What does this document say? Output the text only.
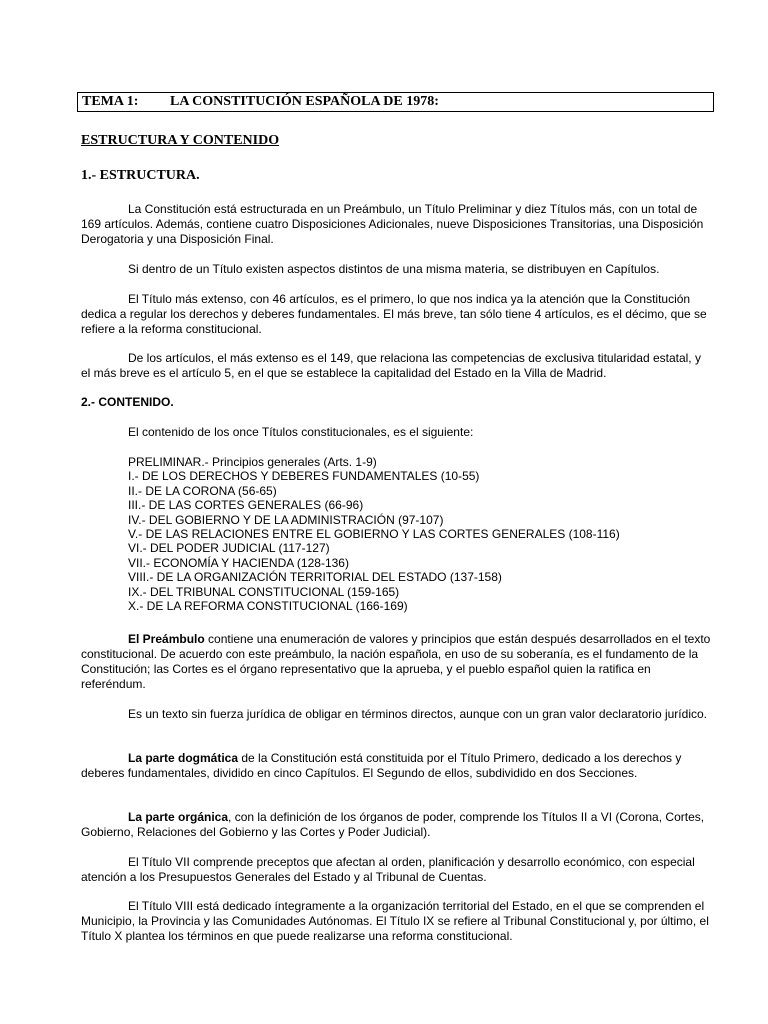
TEMA 1: LA CONSTITUCIÓN ESPAÑOLA DE 1978:
ESTRUCTURA Y CONTENIDO
1.- ESTRUCTURA.

La Constitución está estructurada en un Preámbulo, un Título Preliminar y diez Títulos más, con un total de 169 artículos. Además, contiene cuatro Disposiciones Adicionales, nueve Disposiciones Transitorias, una Disposición Derogatoria y una Disposición Final.

Si dentro de un Título existen aspectos distintos de una misma materia, se distribuyen en Capítulos.

El Título más extenso, con 46 artículos, es el primero, lo que nos indica ya la atención que la Constitución dedica a regular los derechos y deberes fundamentales. El más breve, tan sólo tiene 4 artículos, es el décimo, que se refiere a la reforma constitucional.

De los artículos, el más extenso es el 149, que relaciona las competencias de exclusiva titularidad estatal, y el más breve es el artículo 5, en el que se establece la capitalidad del Estado en la Villa de Madrid.

2.- CONTENIDO.

El contenido de los once Títulos constitucionales, es el siguiente:

PRELIMINAR.- Principios generales (Arts. 1-9)
I.- DE LOS DERECHOS Y DEBERES FUNDAMENTALES (10-55)
II.- DE LA CORONA (56-65)
III.- DE LAS CORTES GENERALES (66-96)
IV.- DEL GOBIERNO Y DE LA ADMINISTRACIÓN (97-107)
V.- DE LAS RELACIONES ENTRE EL GOBIERNO Y LAS CORTES GENERALES (108-116)
VI.- DEL PODER JUDICIAL (117-127)
VII.- ECONOMÍA Y HACIENDA (128-136)
VIII.- DE LA ORGANIZACIÓN TERRITORIAL DEL ESTADO (137-158)
IX.- DEL TRIBUNAL CONSTITUCIONAL (159-165)
X.- DE LA REFORMA CONSTITUCIONAL (166-169)

El Preámbulo contiene una enumeración de valores y principios que están después desarrollados en el texto constitucional. De acuerdo con este preámbulo, la nación española, en uso de su soberanía, es el fundamento de la Constitución; las Cortes es el órgano representativo que la aprueba, y el pueblo español quien la ratifica en referéndum.

Es un texto sin fuerza jurídica de obligar en términos directos, aunque con un gran valor declaratorio jurídico.

La parte dogmática de la Constitución está constituida por el Título Primero, dedicado a los derechos y deberes fundamentales, dividido en cinco Capítulos. El Segundo de ellos, subdividido en dos Secciones.

La parte orgánica, con la definición de los órganos de poder, comprende los Títulos II a VI (Corona, Cortes, Gobierno, Relaciones del Gobierno y las Cortes y Poder Judicial).

El Título VII comprende preceptos que afectan al orden, planificación y desarrollo económico, con especial atención a los Presupuestos Generales del Estado y al Tribunal de Cuentas.

El Título VIII está dedicado íntegramente a la organización territorial del Estado, en el que se comprenden el Municipio, la Provincia y las Comunidades Autónomas. El Título IX se refiere al Tribunal Constitucional y, por último, el Título X plantea los términos en que puede realizarse una reforma constitucional.
